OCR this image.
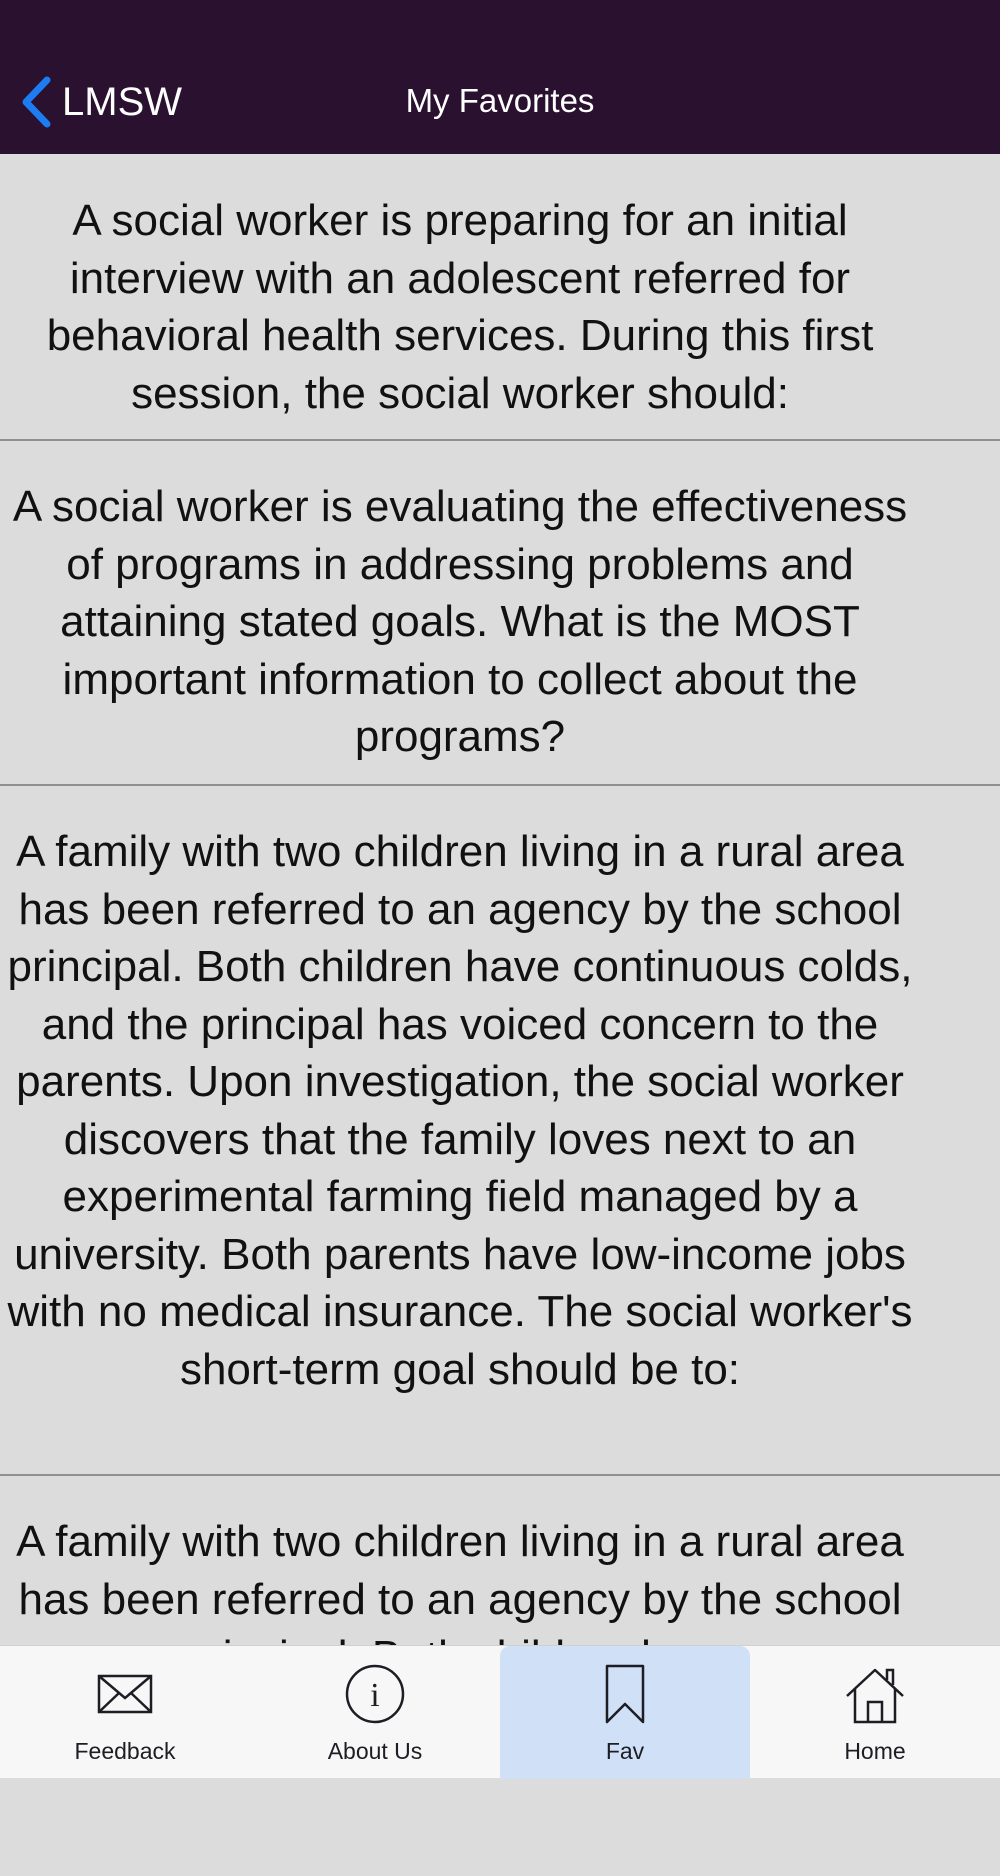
LMSW	My Favorites

A social worker is preparing for an initial interview with an adolescent referred for behavioral health services. During this first session, the social worker should:

A social worker is evaluating the effectiveness of programs in addressing problems and attaining stated goals. What is the MOST important information to collect about the programs?

A family with two children living in a rural area has been referred to an agency by the school principal. Both children have continuous colds, and the principal has voiced concern to the parents. Upon investigation, the social worker discovers that the family loves next to an experimental farming field managed by a university. Both parents have low-income jobs with no medical insurance. The social worker's short-term goal should be to:

A family with two children living in a rural area has been referred to an agency by the school

Feedback
i
About Us	Fav	Home
